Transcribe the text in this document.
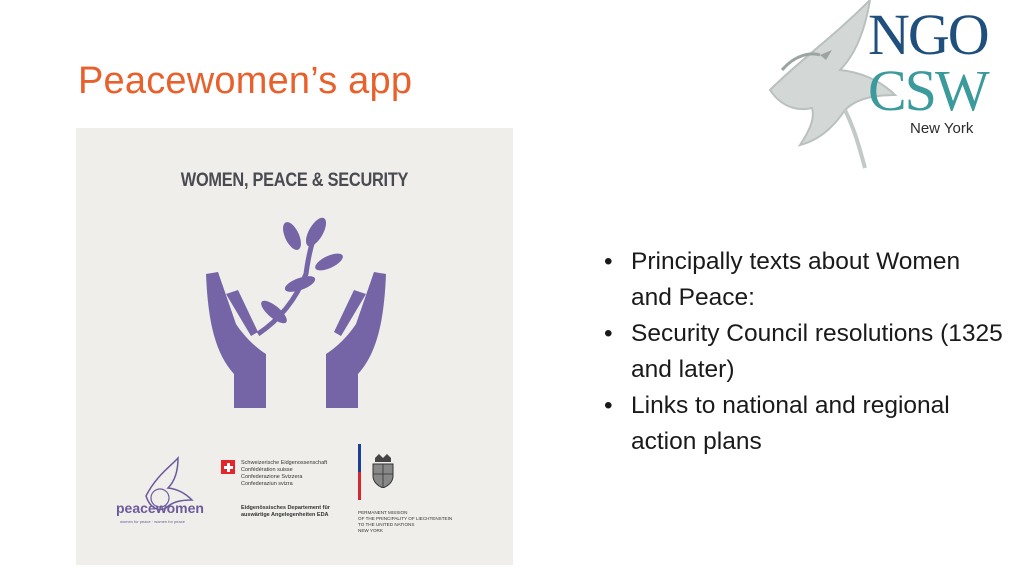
Peacewomen’s app
NGO
CSW
New York
WOMEN, PEACE & SECURITY
peacewomen
women for peace · women for peace
Schweizerische Eidgenossenschaft
Confédération suisse
Confederazione Svizzera
Confederaziun svizra
Eidgenössisches Departement für
auswärtige Angelegenheiten EDA	PERMANENT MISSION
OF THE PRINCIPALITY OF LIECHTENSTEIN
TO THE UNITED NATIONS
NEW YORK
• Principally texts about Women and Peace:
• Security Council resolutions (1325 and later)
• Links to national and regional action plans
